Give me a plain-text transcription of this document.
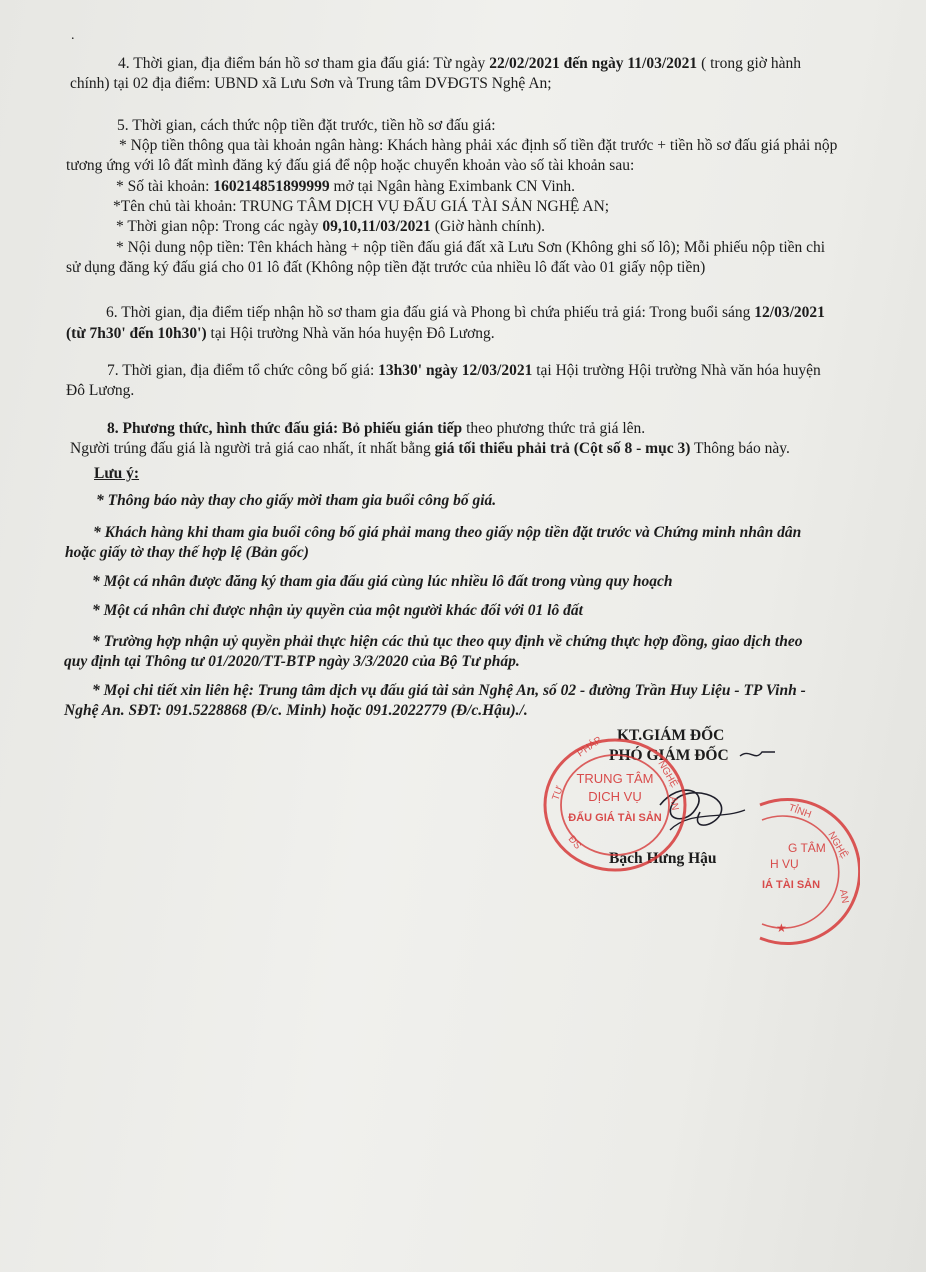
.
4. Thời gian, địa điểm bán hồ sơ tham gia đấu giá: Từ ngày 22/02/2021 đến ngày 11/03/2021 ( trong giờ hành
chính) tại 02 địa điểm: UBND xã Lưu Sơn và Trung tâm DVĐGTS Nghệ An;
5. Thời gian, cách thức nộp tiền đặt trước, tiền hồ sơ đấu giá:
* Nộp tiền thông qua tài khoản ngân hàng: Khách hàng phải xác định số tiền đặt trước + tiền hồ sơ đấu giá phải nộp
tương ứng với lô đất mình đăng ký đấu giá để nộp hoặc chuyển khoản vào số tài khoản sau:
* Số tài khoản: 160214851899999 mở tại Ngân hàng Eximbank CN Vinh.
*Tên chủ tài khoản: TRUNG TÂM DỊCH VỤ ĐẤU GIÁ TÀI SẢN NGHỆ AN;
* Thời gian nộp: Trong các ngày 09,10,11/03/2021 (Giờ hành chính).
* Nội dung nộp tiền: Tên khách hàng + nộp tiền đấu giá đất xã Lưu Sơn (Không ghi số lô); Mỗi phiếu nộp tiền chi
sử dụng đăng ký đấu giá cho 01 lô đất (Không nộp tiền đặt trước của nhiều lô đất vào 01 giấy nộp tiền)
6. Thời gian, địa điểm tiếp nhận hồ sơ tham gia đấu giá và Phong bì chứa phiếu trả giá: Trong buổi sáng 12/03/2021
(từ 7h30' đến 10h30') tại Hội trường Nhà văn hóa huyện Đô Lương.
7. Thời gian, địa điểm tổ chức công bố giá: 13h30' ngày 12/03/2021 tại Hội trường Hội trường Nhà văn hóa huyện
Đô Lương.
8. Phương thức, hình thức đấu giá: Bỏ phiếu gián tiếp theo phương thức trả giá lên.
Người trúng đấu giá là người trả giá cao nhất, ít nhất bằng giá tối thiểu phải trả (Cột số 8 - mục 3) Thông báo này.
Lưu ý:
* Thông báo này thay cho giấy mời tham gia buổi công bố giá.
* Khách hàng khi tham gia buổi công bố giá phải mang theo giấy nộp tiền đặt trước và Chứng minh nhân dân
hoặc giấy tờ thay thế hợp lệ (Bản gốc)
* Một cá nhân được đăng ký tham gia đấu giá cùng lúc nhiều lô đất trong vùng quy hoạch
* Một cá nhân chỉ được nhận ủy quyền của một người khác đối với 01 lô đất
* Trường hợp nhận uỷ quyền phải thực hiện các thủ tục theo quy định về chứng thực hợp đồng, giao dịch theo
quy định tại Thông tư 01/2020/TT-BTP ngày 3/3/2020 của Bộ Tư pháp.
* Mọi chi tiết xin liên hệ: Trung tâm dịch vụ đấu giá tài sản Nghệ An, số 02 - đường Trần Huy Liệu - TP Vinh -
Nghệ An. SĐT: 091.5228868 (Đ/c. Minh) hoặc 091.2022779 (Đ/c.Hậu)./.
KT.GIÁM ĐỐC
PHÓ GIÁM ĐỐC
Bạch Hưng Hậu
TƯ
PHÁP
NGHỆ
AN
ĐS
TRUNG TÂM
DỊCH VỤ
ĐẤU GIÁ TÀI SẢN	TỈNH
NGHỆ
AN
G TÂM
H VỤ
IÁ TÀI SẢN
★
